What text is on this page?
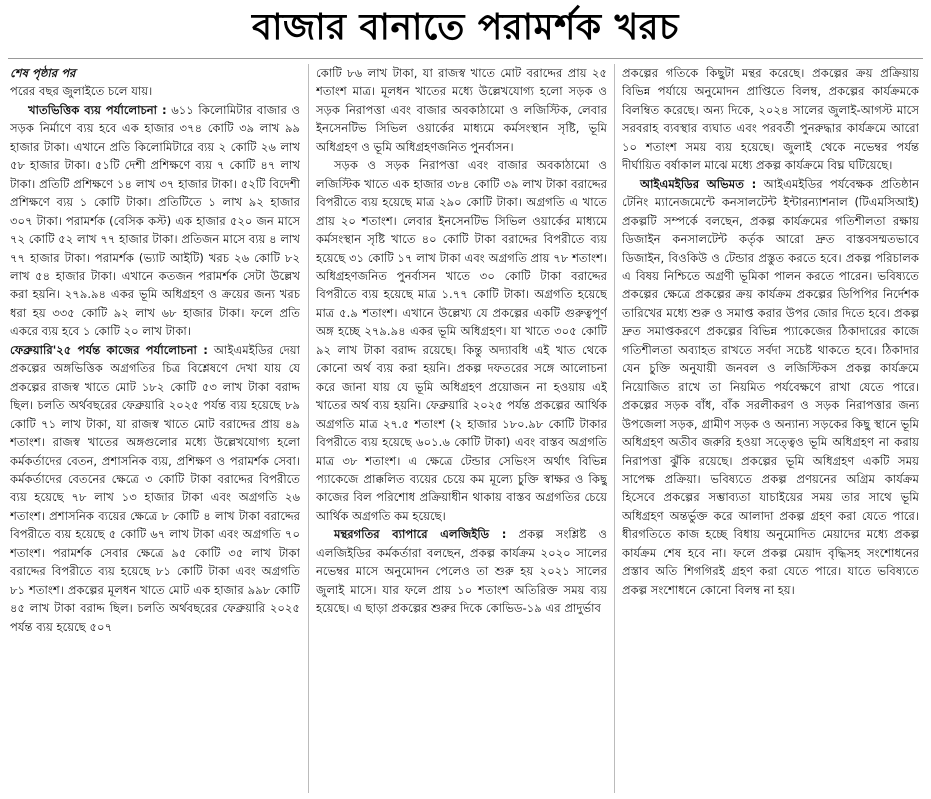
বাজার বানাতে পরামর্শক খরচ

শেষ পৃষ্ঠার পর

পরের বছর জুলাইতে চলে যায়।

খাতভিত্তিক ব্যয় পর্যালোচনা : ৬১১ কিলোমিটার বাজার ও সড়ক নির্মাণে ব্যয় হবে এক হাজার ৩৭৪ কোটি ৩৯ লাখ ৯৯ হাজার টাকা। এখানে প্রতি কিলোমিটারে ব্যয় ২ কোটি ২৬ লাখ ৫৮ হাজার টাকা। ৫১টি দেশী প্রশিক্ষণে ব্যয় ৭ কোটি ৪৭ লাখ টাকা। প্রতিটি প্রশিক্ষণে ১৪ লাখ ৩৭ হাজার টাকা। ৫২টি বিদেশী প্রশিক্ষণে ব্যয় ১ কোটি টাকা। প্রতিটিতে ১ লাখ ৯২ হাজার ৩০৭ টাকা। পরামর্শক (বেসিক কস্ট) এক হাজার ৫২০ জন মাসে ৭২ কোটি ৫২ লাখ ৭৭ হাজার টাকা। প্রতিজন মাসে ব্যয় ৪ লাখ ৭৭ হাজার টাকা। পরামর্শক (ভ্যাট আইটি) খরচ ২৬ কোটি ৮২ লাখ ৫৪ হাজার টাকা। এখানে কতজন পরামর্শক সেটা উল্লেখ করা হয়নি। ২৭৯.৯৪ একর ভূমি অধিগ্রহণ ও ক্রয়ের জন্য খরচ ধরা হয় ৩৩৫ কোটি ৯২ লাখ ৬৮ হাজার টাকা। ফলে প্রতি একরে ব্যয় হবে ১ কোটি ২০ লাখ টাকা।

ফেব্রুয়ারি'২৫ পর্যন্ত কাজের পর্যালোচনা : আইএমইডির দেয়া প্রকল্পের অঙ্গভিত্তিক অগ্রগতির চিত্র বিশ্লেষণে দেখা যায় যে প্রকল্পের রাজস্ব খাতে মোট ১৮২ কোটি ৫৩ লাখ টাকা বরাদ্দ ছিল। চলতি অর্থবছরের ফেব্রুয়ারি ২০২৫ পর্যন্ত ব্যয় হয়েছে ৮৯ কোটি ৭১ লাখ টাকা, যা রাজস্ব খাতে মোট বরাদ্দের প্রায় ৪৯ শতাংশ। রাজস্ব খাতের অঙ্গগুলোর মধ্যে উল্লেখযোগ্য হলো কর্মকর্তাদের বেতন, প্রশাসনিক ব্যয়, প্রশিক্ষণ ও পরামর্শক সেবা। কর্মকর্তাদের বেতনের ক্ষেত্রে ৩ কোটি টাকা বরাদ্দের বিপরীতে ব্যয় হয়েছে ৭৮ লাখ ১৩ হাজার টাকা এবং অগ্রগতি ২৬ শতাংশ। প্রশাসনিক ব্যয়ের ক্ষেত্রে ৮ কোটি ৪ লাখ টাকা বরাদ্দের বিপরীতে ব্যয় হয়েছে ৫ কোটি ৬৭ লাখ টাকা এবং অগ্রগতি ৭০ শতাংশ। পরামর্শক সেবার ক্ষেত্রে ৯৫ কোটি ৩৫ লাখ টাকা বরাদ্দের বিপরীতে ব্যয় হয়েছে ৮১ কোটি টাকা এবং অগ্রগতি ৮১ শতাংশ। প্রকল্পের মূলধন খাতে মোট এক হাজার ৯৯৮ কোটি ৪৫ লাখ টাকা বরাদ্দ ছিল। চলতি অর্থবছরের ফেব্রুয়ারি ২০২৫ পর্যন্ত ব্যয় হয়েছে ৫০৭

কোটি ৮৬ লাখ টাকা, যা রাজস্ব খাতে মোট বরাদ্দের প্রায় ২৫ শতাংশ মাত্র। মূলধন খাতের মধ্যে উল্লেখযোগ্য হলো সড়ক ও সড়ক নিরাপত্তা এবং বাজার অবকাঠামো ও লজিস্টিক, লেবার ইনসেনটিভ সিভিল ওয়ার্কের মাধ্যমে কর্মসংস্থান সৃষ্টি, ভূমি অধিগ্রহণ ও ভূমি অধিগ্রহণজনিত পুনর্বাসন।

সড়ক ও সড়ক নিরাপত্তা এবং বাজার অবকাঠামো ও লজিস্টিক খাতে এক হাজার ৩৮৪ কোটি ৩৯ লাখ টাকা বরাদ্দের বিপরীতে ব্যয় হয়েছে মাত্র ২৯০ কোটি টাকা। অগ্রগতি এ খাতে প্রায় ২০ শতাংশ। লেবার ইনসেনটিভ সিভিল ওয়ার্কের মাধ্যমে কর্মসংস্থান সৃষ্টি খাতে ৪০ কোটি টাকা বরাদ্দের বিপরীতে ব্যয় হয়েছে ৩১ কোটি ১৭ লাখ টাকা এবং অগ্রগতি প্রায় ৭৮ শতাংশ। অধিগ্রহণজনিত পুনর্বাসন খাতে ৩০ কোটি টাকা বরাদ্দের বিপরীতে ব্যয় হয়েছে মাত্র ১.৭৭ কোটি টাকা। অগ্রগতি হয়েছে মাত্র ৫.৯ শতাংশ। এখানে উল্লেখ্য যে প্রকল্পের একটি গুরুত্বপূর্ণ অঙ্গ হচ্ছে ২৭৯.৯৪ একর ভূমি অধিগ্রহণ। যা খাতে ৩০৫ কোটি ৯২ লাখ টাকা বরাদ্দ রয়েছে। কিন্তু অদ্যাবধি এই খাত থেকে কোনো অর্থ ব্যয় করা হয়নি। প্রকল্প দফতরের সঙ্গে আলোচনা করে জানা যায় যে ভূমি অধিগ্রহণ প্রয়োজন না হওয়ায় এই খাতের অর্থ ব্যয় হয়নি। ফেব্রুয়ারি ২০২৫ পর্যন্ত প্রকল্পের আর্থিক অগ্রগতি মাত্র ২৭.৫ শতাংশ (২ হাজার ১৮০.৯৮ কোটি টাকার বিপরীতে ব্যয় হয়েছে ৬০১.৬ কোটি টাকা) এবং বাস্তব অগ্রগতি মাত্র ৩৮ শতাংশ। এ ক্ষেত্রে টেন্ডার সেভিংস অর্থাৎ বিভিন্ন প্যাকেজে প্রাক্কলিত ব্যয়ের চেয়ে কম মূল্যে চুক্তি স্বাক্ষর ও কিছু কাজের বিল পরিশোধ প্রক্রিয়াধীন থাকায় বাস্তব অগ্রগতির চেয়ে আর্থিক অগ্রগতি কম হয়েছে।

মন্থরগতির ব্যাপারে এলজিইডি : প্রকল্প সংশ্লিষ্ট ও এলজিইডির কর্মকর্তারা বলছেন, প্রকল্প কার্যক্রম ২০২০ সালের নভেম্বর মাসে অনুমোদন পেলেও তা শুরু হয় ২০২১ সালের জুলাই মাসে। যার ফলে প্রায় ১০ শতাংশ অতিরিক্ত সময় ব্যয় হয়েছে। এ ছাড়া প্রকল্পের শুরুর দিকে কোভিড-১৯ এর প্রাদুর্ভাব

প্রকল্পের গতিকে কিছুটা মন্থর করেছে। প্রকল্পের ক্রয় প্রক্রিয়ায় বিভিন্ন পর্যায়ে অনুমোদন প্রাপ্তিতে বিলম্ব, প্রকল্পের কার্যক্রমকে বিলম্বিত করেছে। অন্য দিকে, ২০২৪ সালের জুলাই-আগস্ট মাসে সরবরাহ ব্যবস্থার ব্যঘাত এবং পরবর্তী পুনরুদ্ধার কার্যক্রমে আরো ১০ শতাংশ সময় ব্যয় হয়েছে। জুলাই থেকে নভেম্বর পর্যন্ত দীর্ঘায়িত বর্ষাকাল মাঝে মধ্যে প্রকল্প কার্যক্রমে বিঘ্ন ঘটিয়েছে।

আইএমইডির অভিমত : আইএমইডির পর্যবেক্ষক প্রতিষ্ঠান টেনিং ম্যানেজমেন্টে কনসালটেন্ট ইন্টারন্যাশনাল (টিএমসিআই) প্রকল্পটি সম্পর্কে বলছেন, প্রকল্প কার্যক্রমের গতিশীলতা রক্ষায় ডিজাইন কনসালটেন্ট কর্তৃক আরো দ্রুত বাস্তবসম্মতভাবে ডিজাইন, বিওকিউ ও টেন্ডার প্রস্তুত করতে হবে। প্রকল্প পরিচালক এ বিষয় নিশ্চিতে অগ্রণী ভূমিকা পালন করতে পারেন। ভবিষ্যতে প্রকল্পের ক্ষেত্রে প্রকল্পের ক্রয় কার্যক্রম প্রকল্পের ডিপিপির নির্দেশক তারিখের মধ্যে শুরু ও সমাপ্ত করার উপর জোর দিতে হবে। প্রকল্প দ্রুত সমাপ্তকরণে প্রকল্পের বিভিন্ন প্যাকেজের ঠিকাদারের কাজে গতিশীলতা অব্যাহত রাখতে সর্বদা সচেষ্ট থাকতে হবে। ঠিকাদার যেন চুক্তি অনুযায়ী জনবল ও লজিস্টিকস প্রকল্প কার্যক্রমে নিয়োজিত রাখে তা নিয়মিত পর্যবেক্ষণে রাখা যেতে পারে। প্রকল্পের সড়ক বাঁধ, বাঁক সরলীকরণ ও সড়ক নিরাপত্তার জন্য উপজেলা সড়ক, গ্রামীণ সড়ক ও অন্যান্য সড়কের কিছু স্থানে ভূমি অধিগ্রহণ অতীব জরুরি হওয়া সত্ত্বেও ভূমি অধিগ্রহণ না করায় নিরাপত্তা ঝুঁকি রয়েছে। প্রকল্পের ভূমি অধিগ্রহণ একটি সময় সাপেক্ষ প্রক্রিয়া। ভবিষ্যতে প্রকল্প প্রণয়নের অগ্রিম কার্যক্রম হিসেবে প্রকল্পের সম্ভাব্যতা যাচাইয়ের সময় তার সাথে ভূমি অধিগ্রহণ অন্তর্ভুক্ত করে আলাদা প্রকল্প গ্রহণ করা যেতে পারে। ধীরগতিতে কাজ হচ্ছে বিধায় অনুমোদিত মেয়াদের মধ্যে প্রকল্প কার্যক্রম শেষ হবে না। ফলে প্রকল্প মেয়াদ বৃদ্ধিসহ সংশোধনের প্রস্তাব অতি শিগগিরই গ্রহণ করা যেতে পারে। যাতে ভবিষ্যতে প্রকল্প সংশোধনে কোনো বিলম্ব না হয়।
